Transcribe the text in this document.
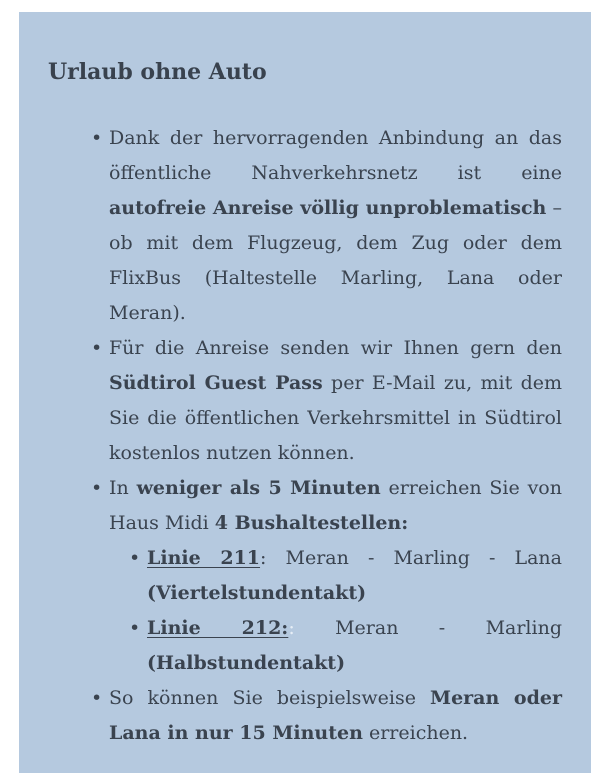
Urlaub ohne Auto
• Dank der hervorragenden Anbindung an das öffentliche Nahverkehrsnetz ist eine autofreie Anreise völlig unproblematisch – ob mit dem Flugzeug, dem Zug oder dem FlixBus (Haltestelle Marling, Lana oder Meran).
• Für die Anreise senden wir Ihnen gern den Südtirol Guest Pass per E-Mail zu, mit dem Sie die öffentlichen Verkehrsmittel in Südtirol kostenlos nutzen können.
• In weniger als 5 Minuten erreichen Sie von Haus Midi 4 Bushaltestellen:
• Linie 211: Meran - Marling - Lana (Viertelstundentakt)
• Linie 212:: Meran - Marling (Halbstundentakt)
• So können Sie beispielsweise Meran oder Lana in nur 15 Minuten erreichen.
